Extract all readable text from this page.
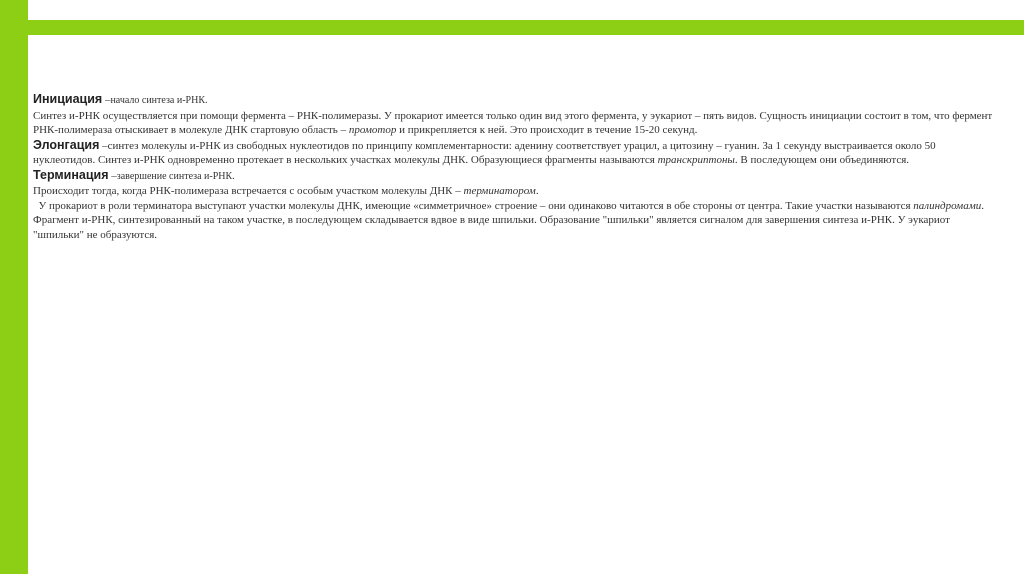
Инициация –начало синтеза и-РНК.

Синтез и-РНК осуществляется при помощи фермента – РНК-полимеразы. У прокариот имеется только один вид этого фермента, у эукариот – пять видов. Сущность инициации состоит в том, что фермент РНК-полимераза отыскивает в молекуле ДНК стартовую область – промотор и прикрепляется к ней. Это происходит в течение 15-20 секунд.

Элонгация –синтез молекулы и-РНК из свободных нуклеотидов по принципу комплементарности: аденину соответствует урацил, а цитозину – гуанин. За 1 секунду выстраивается около 50 нуклеотидов. Синтез и-РНК одновременно протекает в нескольких участках молекулы ДНК. Образующиеся фрагменты называются транскриптоны. В последующем они объединяются.

Терминация –завершение синтеза и-РНК.

Происходит тогда, когда РНК-полимераза встречается с особым участком молекулы ДНК – терминатором.

У прокариот в роли терминатора выступают участки молекулы ДНК, имеющие «симметричное» строение – они одинаково читаются в обе стороны от центра. Такие участки называются палиндромами. Фрагмент и-РНК, синтезированный на таком участке, в последующем складывается вдвое в виде шпильки. Образование "шпильки" является сигналом для завершения синтеза и-РНК. У эукариот "шпильки" не образуются.
